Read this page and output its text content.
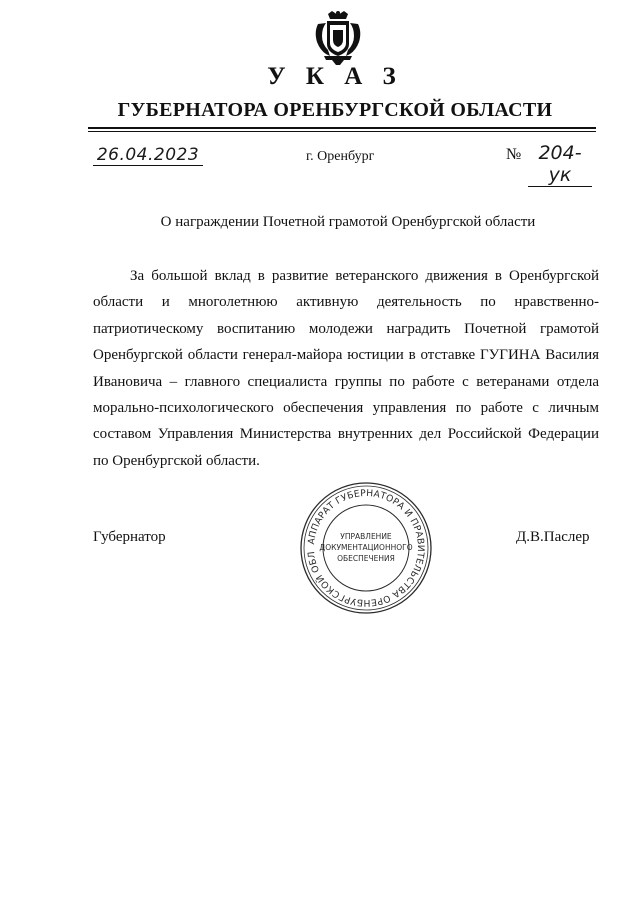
У К А З
ГУБЕРНАТОРА ОРЕНБУРГСКОЙ ОБЛАСТИ
26.04.2023	г. Оренбург	№ 204-ук
О награждении Почетной грамотой Оренбургской области
За большой вклад в развитие ветеранского движения в Оренбургской области и многолетнюю активную деятельность по нравственно-патриотическому воспитанию молодежи наградить Почетной грамотой Оренбургской области генерал-майора юстиции в отставке ГУГИНА Василия Ивановича – главного специалиста группы по работе с ветеранами отдела морально-психологического обеспечения управления по работе с личным составом Управления Министерства внутренних дел Российской Федерации по Оренбургской области.
Губернатор	Д.В.Паслер
АППАРАТ ГУБЕРНАТОРА И ПРАВИТЕЛЬСТВА ОРЕНБУРГСКОЙ ОБЛ
УПРАВЛЕНИЕ
ДОКУМЕНТАЦИОННОГО
ОБЕСПЕЧЕНИЯ
